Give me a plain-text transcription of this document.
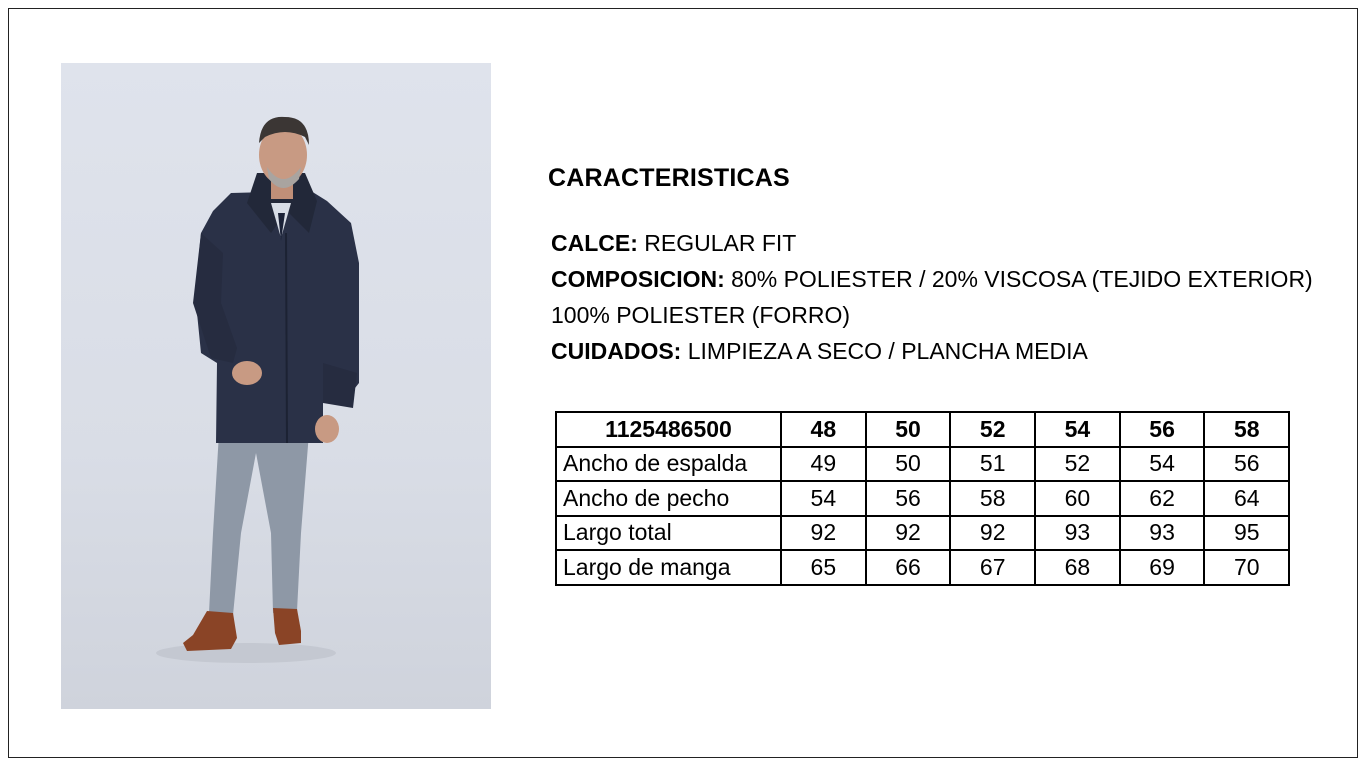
CARACTERISTICAS
CALCE: REGULAR FIT
COMPOSICION: 80% POLIESTER / 20% VISCOSA (TEJIDO EXTERIOR)
100% POLIESTER (FORRO)
CUIDADOS: LIMPIEZA A SECO / PLANCHA MEDIA
1125486500	48	50	52	54	56	58
Ancho de espalda	49	50	51	52	54	56
Ancho de pecho	54	56	58	60	62	64
Largo total	92	92	92	93	93	95
Largo de manga	65	66	67	68	69	70
